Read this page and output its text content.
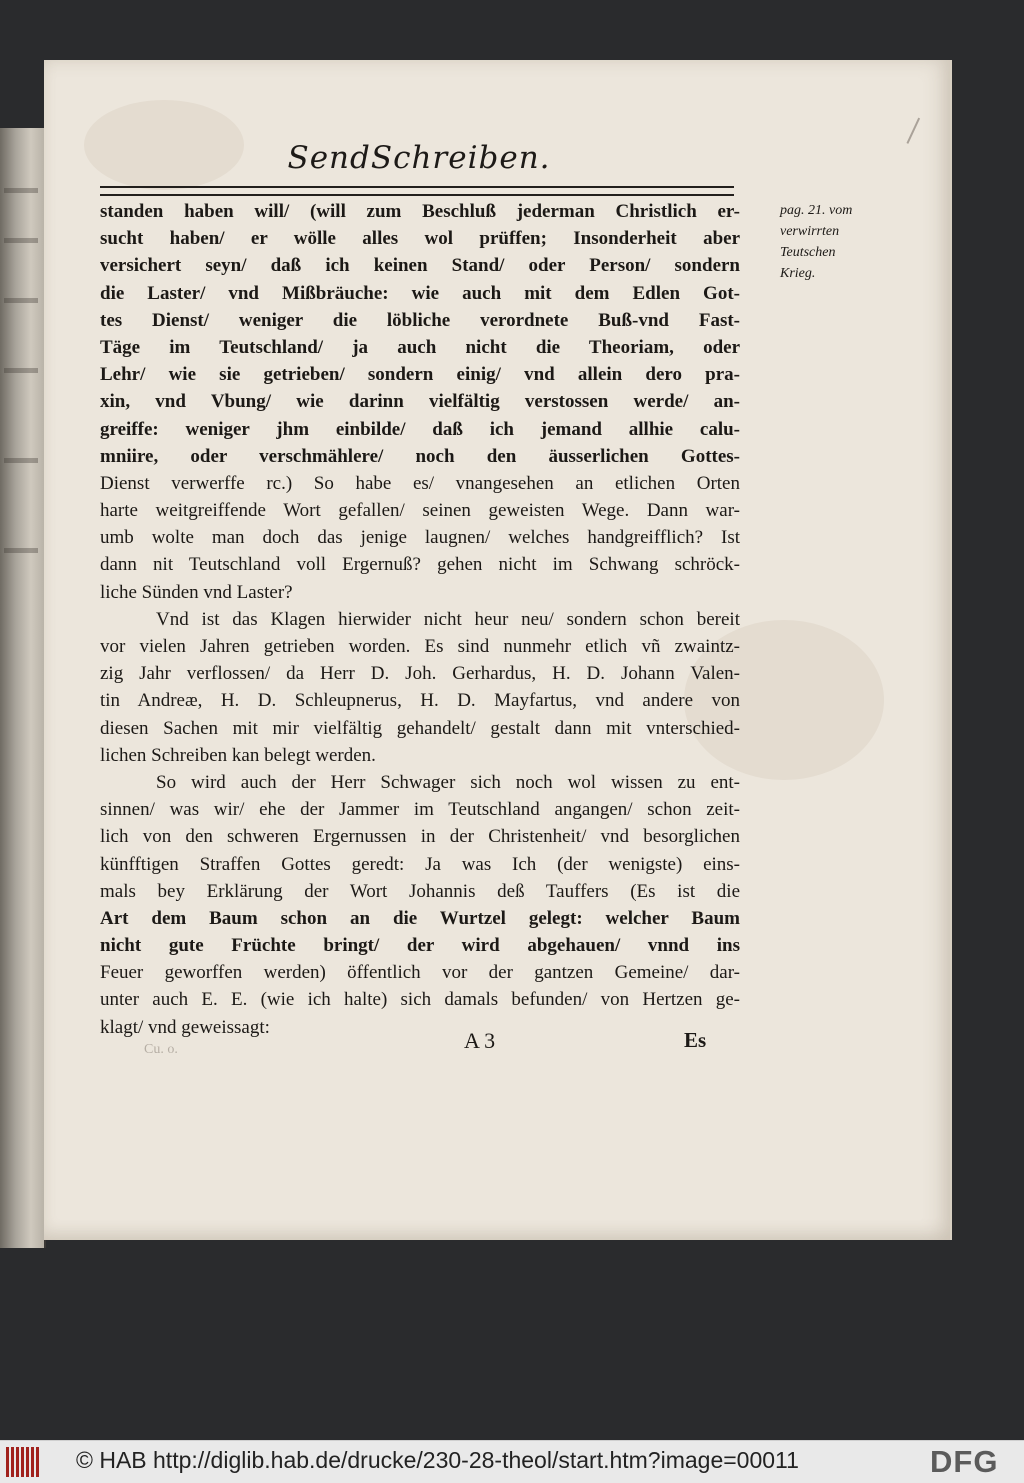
SendSchreiben.
standen haben will/ (will zum Beschluß jederman Christlich er-
sucht haben/ er wölle alles wol prüffen; Insonderheit aber
versichert seyn/ daß ich keinen Stand/ oder Person/ sondern
die Laster/ vnd Mißbräuche: wie auch mit dem Edlen Got-
tes Dienst/ weniger die löbliche verordnete Buß-vnd Fast-
Täge im Teutschland/ ja auch nicht die Theoriam, oder
Lehr/ wie sie getrieben/ sondern einig/ vnd allein dero pra-
xin, vnd Vbung/ wie darinn vielfältig verstossen werde/ an-
greiffe: weniger jhm einbilde/ daß ich jemand allhie calu-
mniire, oder verschmählere/ noch den äusserlichen Gottes-
Dienst verwerffe rc.) So habe es/ vnangesehen an etlichen Orten
harte weitgreiffende Wort gefallen/ seinen geweisten Wege. Dann war-
umb wolte man doch das jenige laugnen/ welches handgreifflich? Ist
dann nit Teutschland voll Ergernuß? gehen nicht im Schwang schröck-
liche Sünden vnd Laster?
Vnd ist das Klagen hierwider nicht heur neu/ sondern schon bereit
vor vielen Jahren getrieben worden. Es sind nunmehr etlich vñ zwaintz-
zig Jahr verflossen/ da Herr D. Joh. Gerhardus, H. D. Johann Valen-
tin Andreæ, H. D. Schleupnerus, H. D. Mayfartus, vnd andere von
diesen Sachen mit mir vielfältig gehandelt/ gestalt dann mit vnterschied-
lichen Schreiben kan belegt werden.
So wird auch der Herr Schwager sich noch wol wissen zu ent-
sinnen/ was wir/ ehe der Jammer im Teutschland angangen/ schon zeit-
lich von den schweren Ergernussen in der Christenheit/ vnd besorglichen
künfftigen Straffen Gottes geredt: Ja was Ich (der wenigste) eins-
mals bey Erklärung der Wort Johannis deß Tauffers (Es ist die
Art dem Baum schon an die Wurtzel gelegt: welcher Baum
nicht gute Früchte bringt/ der wird abgehauen/ vnnd ins
Feuer geworffen werden) öffentlich vor der gantzen Gemeine/ dar-
unter auch E. E. (wie ich halte) sich damals befunden/ von Hertzen ge-
klagt/ vnd geweissagt:
pag. 21. vom
verwirrten
Teutschen
Krieg.
Cu. o.	A 3	Es
© HAB http://diglib.hab.de/drucke/230-28-theol/start.htm?image=00011	DFG
